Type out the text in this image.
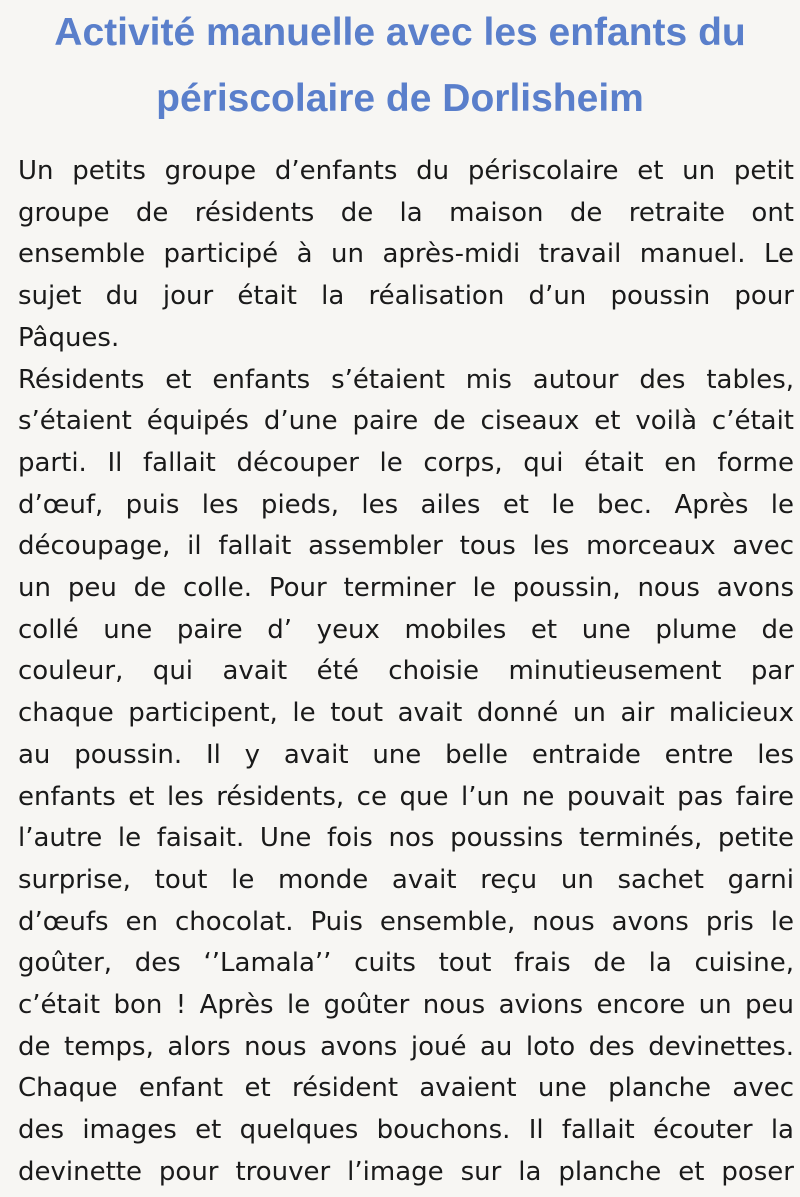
Activité manuelle avec les enfants du
périscolaire de Dorlisheim
Un petits groupe d’enfants du périscolaire et un petit
groupe de résidents de la maison de retraite ont
ensemble participé à un après-midi travail manuel. Le
sujet du jour était la réalisation d’un poussin pour
Pâques.
Résidents et enfants s’étaient mis autour des tables,
s’étaient équipés d’une paire de ciseaux et voilà c’était
parti. Il fallait découper le corps, qui était en forme
d’œuf, puis les pieds, les ailes et le bec. Après le
découpage, il fallait assembler tous les morceaux avec
un peu de colle. Pour terminer le poussin, nous avons
collé une paire d’ yeux mobiles et une plume de
couleur, qui avait été choisie minutieusement par
chaque participent, le tout avait donné un air malicieux
au poussin. Il y avait une belle entraide entre les
enfants et les résidents, ce que l’un ne pouvait pas faire
l’autre le faisait. Une fois nos poussins terminés, petite
surprise, tout le monde avait reçu un sachet garni
d’œufs en chocolat. Puis ensemble, nous avons pris le
goûter, des ‘’Lamala’’ cuits tout frais de la cuisine,
c’était bon ! Après le goûter nous avions encore un peu
de temps, alors nous avons joué au loto des devinettes.
Chaque enfant et résident avaient une planche avec
des images et quelques bouchons. Il fallait écouter la
devinette pour trouver l’image sur la planche et poser
